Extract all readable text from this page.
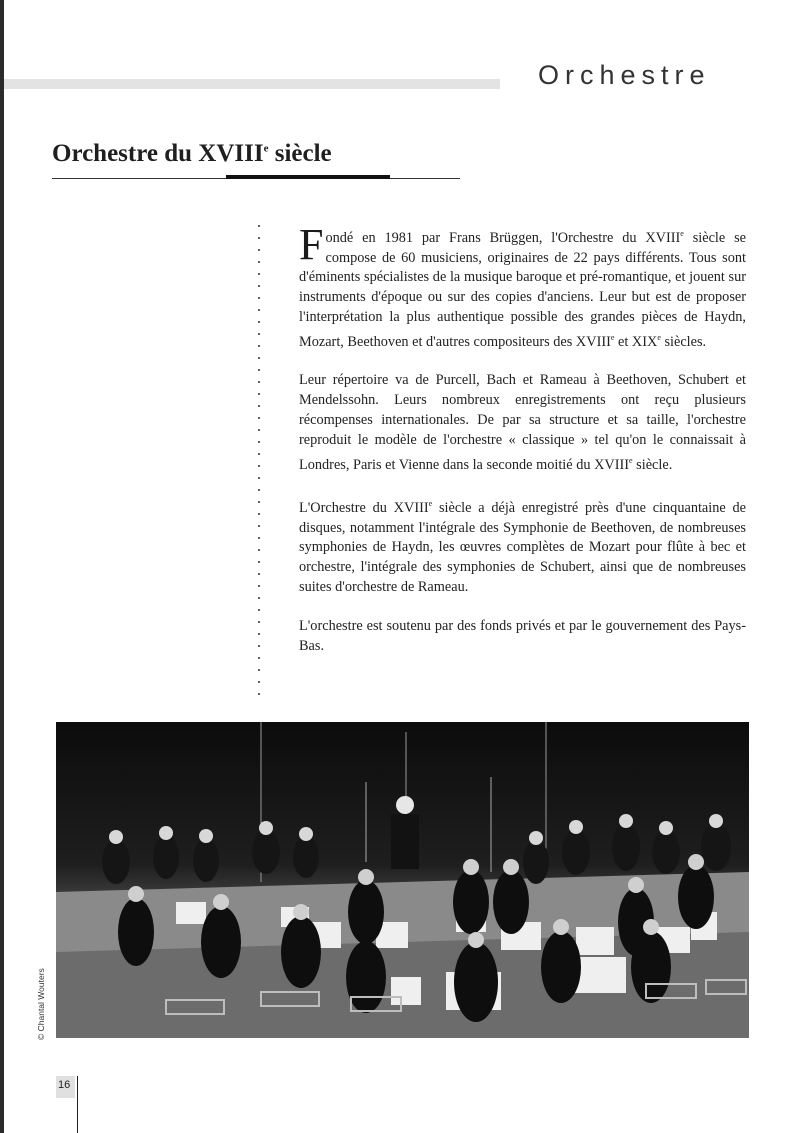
Orchestre
Orchestre du XVIIIe siècle

Fondé en 1981 par Frans Brüggen, l'Orchestre du XVIIIe siècle se compose de 60 musiciens, originaires de 22 pays différents. Tous sont d'éminents spécialistes de la musique baroque et pré-romantique, et jouent sur instruments d'époque ou sur des copies d'anciens. Leur but est de proposer l'interprétation la plus authentique possible des grandes pièces de Haydn, Mozart, Beethoven et d'autres compositeurs des XVIIIe et XIXe siècles.

Leur répertoire va de Purcell, Bach et Rameau à Beethoven, Schubert et Mendelssohn. Leurs nombreux enregistrements ont reçu plusieurs récompenses internationales. De par sa structure et sa taille, l'orchestre reproduit le modèle de l'orchestre « classique » tel qu'on le connaissait à Londres, Paris et Vienne dans la seconde moitié du XVIIIe siècle.

L'Orchestre du XVIIIe siècle a déjà enregistré près d'une cinquantaine de disques, notamment l'intégrale des Symphonie de Beethoven, de nombreuses symphonies de Haydn, les œuvres complètes de Mozart pour flûte à bec et orchestre, l'intégrale des symphonies de Schubert, ainsi que de nombreuses suites d'orchestre de Rameau.

L'orchestre est soutenu par des fonds privés et par le gouvernement des Pays-Bas.

© Chantal Wouters
16
